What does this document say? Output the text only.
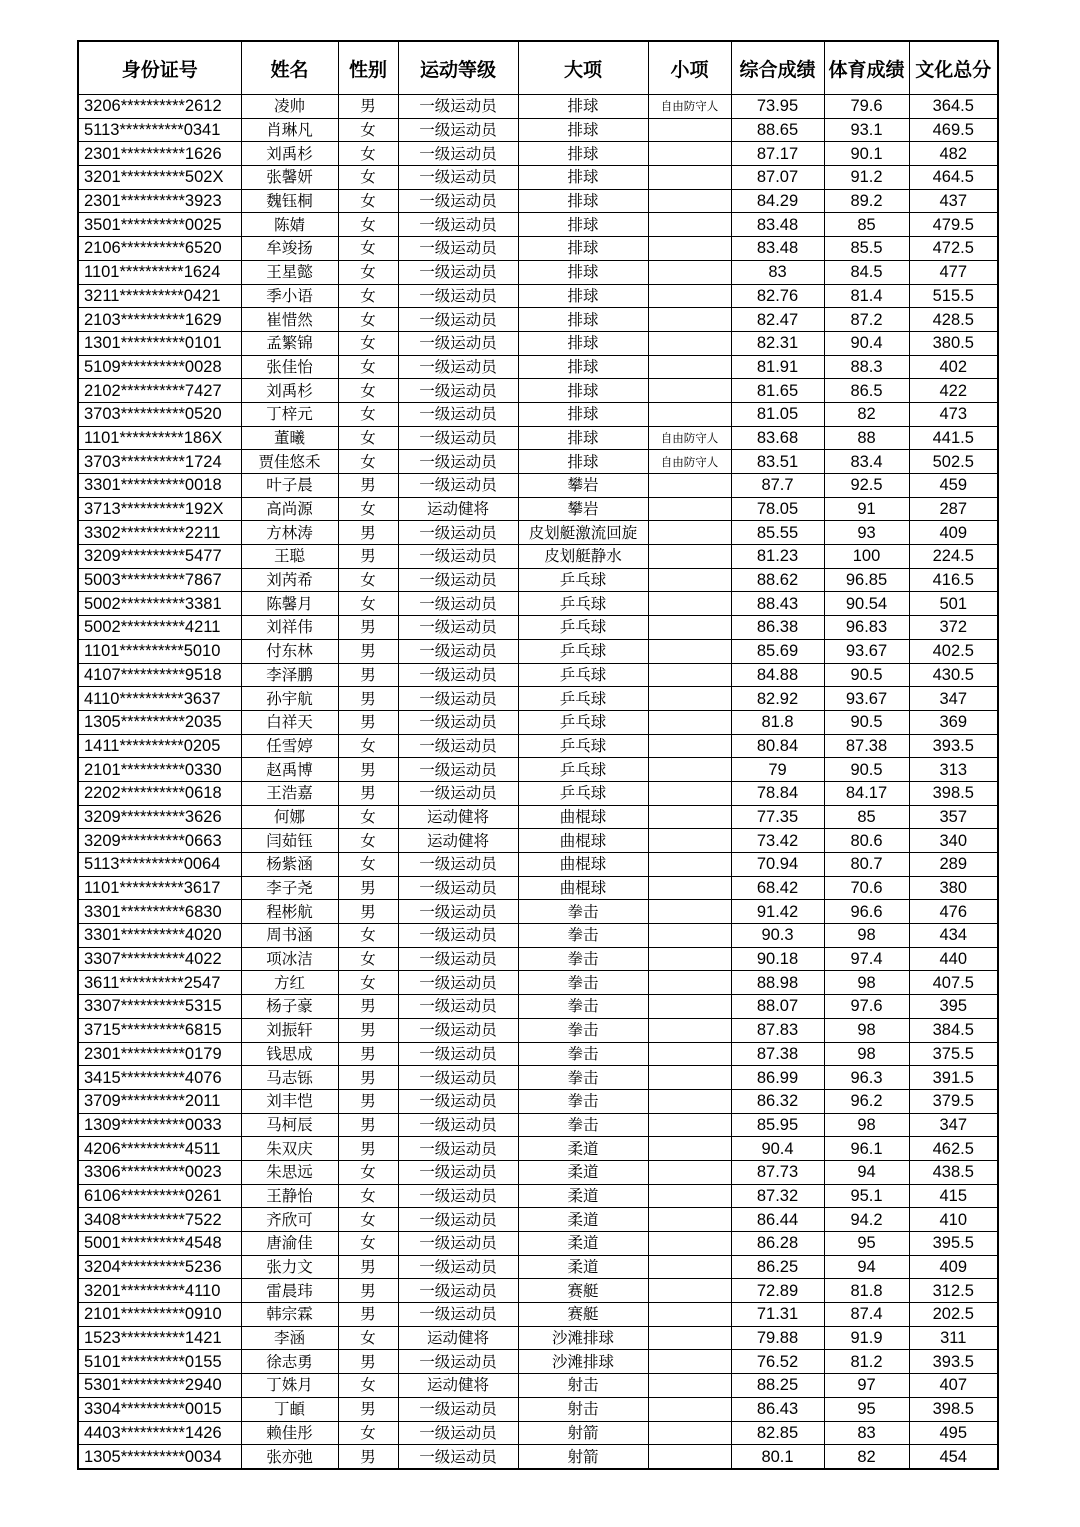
身份证号	姓名	性别	运动等级	大项	小项	综合成绩	体育成绩	文化总分
3206**********2612	凌帅	男	一级运动员	排球	自由防守人	73.95	79.6	364.5
5113**********0341	肖琳凡	女	一级运动员	排球		88.65	93.1	469.5
2301**********1626	刘禹杉	女	一级运动员	排球		87.17	90.1	482
3201**********502X	张馨妍	女	一级运动员	排球		87.07	91.2	464.5
2301**********3923	魏钰桐	女	一级运动员	排球		84.29	89.2	437
3501**********0025	陈婧	女	一级运动员	排球		83.48	85	479.5
2106**********6520	牟竣扬	女	一级运动员	排球		83.48	85.5	472.5
1101**********1624	王星懿	女	一级运动员	排球		83	84.5	477
3211**********0421	季小语	女	一级运动员	排球		82.76	81.4	515.5
2103**********1629	崔惜然	女	一级运动员	排球		82.47	87.2	428.5
1301**********0101	孟繁锦	女	一级运动员	排球		82.31	90.4	380.5
5109**********0028	张佳怡	女	一级运动员	排球		81.91	88.3	402
2102**********7427	刘禹杉	女	一级运动员	排球		81.65	86.5	422
3703**********0520	丁梓元	女	一级运动员	排球		81.05	82	473
1101**********186X	董曦	女	一级运动员	排球	自由防守人	83.68	88	441.5
3703**********1724	贾佳悠禾	女	一级运动员	排球	自由防守人	83.51	83.4	502.5
3301**********0018	叶子晨	男	一级运动员	攀岩		87.7	92.5	459
3713**********192X	高尚源	女	运动健将	攀岩		78.05	91	287
3302**********2211	方林涛	男	一级运动员	皮划艇激流回旋		85.55	93	409
3209**********5477	王聪	男	一级运动员	皮划艇静水		81.23	100	224.5
5003**********7867	刘芮希	女	一级运动员	乒乓球		88.62	96.85	416.5
5002**********3381	陈馨月	女	一级运动员	乒乓球		88.43	90.54	501
5002**********4211	刘祥伟	男	一级运动员	乒乓球		86.38	96.83	372
1101**********5010	付东林	男	一级运动员	乒乓球		85.69	93.67	402.5
4107**********9518	李泽鹏	男	一级运动员	乒乓球		84.88	90.5	430.5
4110**********3637	孙宇航	男	一级运动员	乒乓球		82.92	93.67	347
1305**********2035	白祥天	男	一级运动员	乒乓球		81.8	90.5	369
1411**********0205	任雪婷	女	一级运动员	乒乓球		80.84	87.38	393.5
2101**********0330	赵禹博	男	一级运动员	乒乓球		79	90.5	313
2202**********0618	王浩嘉	男	一级运动员	乒乓球		78.84	84.17	398.5
3209**********3626	何娜	女	运动健将	曲棍球		77.35	85	357
3209**********0663	闫茹钰	女	运动健将	曲棍球		73.42	80.6	340
5113**********0064	杨紫涵	女	一级运动员	曲棍球		70.94	80.7	289
1101**********3617	李子尧	男	一级运动员	曲棍球		68.42	70.6	380
3301**********6830	程彬航	男	一级运动员	拳击		91.42	96.6	476
3301**********4020	周书涵	女	一级运动员	拳击		90.3	98	434
3307**********4022	项冰洁	女	一级运动员	拳击		90.18	97.4	440
3611**********2547	方红	女	一级运动员	拳击		88.98	98	407.5
3307**********5315	杨子豪	男	一级运动员	拳击		88.07	97.6	395
3715**********6815	刘振轩	男	一级运动员	拳击		87.83	98	384.5
2301**********0179	钱思成	男	一级运动员	拳击		87.38	98	375.5
3415**********4076	马志铄	男	一级运动员	拳击		86.99	96.3	391.5
3709**********2011	刘丰恺	男	一级运动员	拳击		86.32	96.2	379.5
1309**********0033	马柯辰	男	一级运动员	拳击		85.95	98	347
4206**********4511	朱双庆	男	一级运动员	柔道		90.4	96.1	462.5
3306**********0023	朱思远	女	一级运动员	柔道		87.73	94	438.5
6106**********0261	王静怡	女	一级运动员	柔道		87.32	95.1	415
3408**********7522	齐欣可	女	一级运动员	柔道		86.44	94.2	410
5001**********4548	唐渝佳	女	一级运动员	柔道		86.28	95	395.5
3204**********5236	张力文	男	一级运动员	柔道		86.25	94	409
3201**********4110	雷晨玮	男	一级运动员	赛艇		72.89	81.8	312.5
2101**********0910	韩宗霖	男	一级运动员	赛艇		71.31	87.4	202.5
1523**********1421	李涵	女	运动健将	沙滩排球		79.88	91.9	311
5101**********0155	徐志勇	男	一级运动员	沙滩排球		76.52	81.2	393.5
5301**********2940	丁姝月	女	运动健将	射击		88.25	97	407
3304**********0015	丁頔	男	一级运动员	射击		86.43	95	398.5
4403**********1426	赖佳彤	女	一级运动员	射箭		82.85	83	495
1305**********0034	张亦弛	男	一级运动员	射箭		80.1	82	454
